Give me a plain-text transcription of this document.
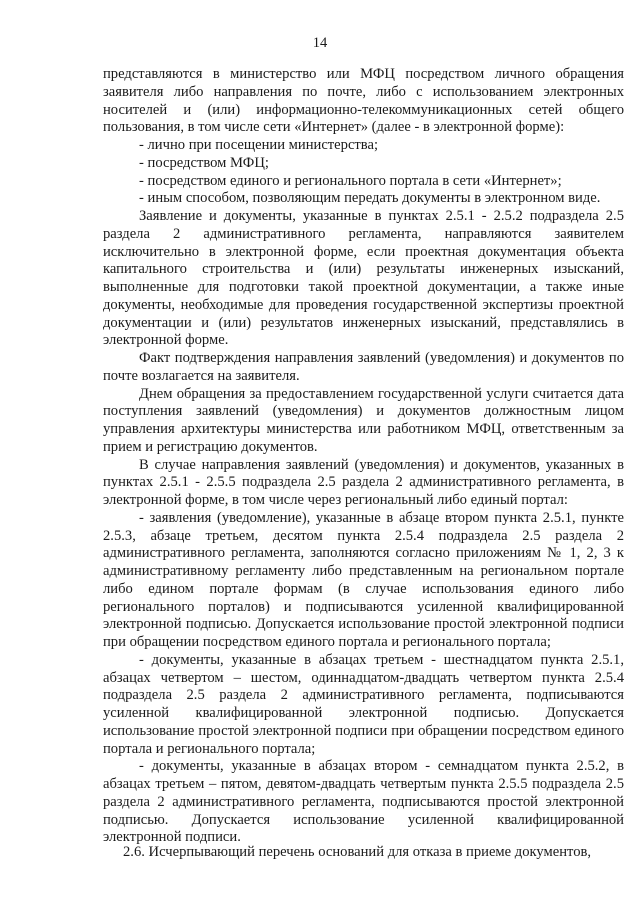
14

представляются в министерство или МФЦ посредством личного обращения заявителя либо направления по почте, либо с использованием электронных носителей и (или) информационно-телекоммуникационных сетей общего пользования, в том числе сети «Интернет» (далее - в электронной форме):

- лично при посещении министерства;

- посредством МФЦ;

- посредством единого и регионального портала в сети «Интернет»;

- иным способом, позволяющим передать документы в электронном виде.

Заявление и документы, указанные в пунктах 2.5.1 - 2.5.2 подраздела 2.5 раздела 2 административного регламента, направляются заявителем исключительно в электронной форме, если проектная документация объекта капитального строительства и (или) результаты инженерных изысканий, выполненные для подготовки такой проектной документации, а также иные документы, необходимые для проведения государственной экспертизы проектной документации и (или) результатов инженерных изысканий, представлялись в электронной форме.

Факт подтверждения направления заявлений (уведомления) и документов по почте возлагается на заявителя.

Днем обращения за предоставлением государственной услуги считается дата поступления заявлений (уведомления) и документов должностным лицом управления архитектуры министерства или работником МФЦ, ответственным за прием и регистрацию документов.

В случае направления заявлений (уведомления) и документов, указанных в пунктах 2.5.1 - 2.5.5 подраздела 2.5 раздела 2 административного регламента, в электронной форме, в том числе через региональный либо единый портал:

- заявления (уведомление), указанные в абзаце втором пункта 2.5.1, пункте 2.5.3, абзаце третьем, десятом пункта 2.5.4 подраздела 2.5 раздела 2 административного регламента, заполняются согласно приложениям № 1, 2, 3 к административному регламенту либо представленным на региональном портале либо едином портале формам (в случае использования единого либо регионального порталов) и подписываются усиленной квалифицированной электронной подписью. Допускается использование простой электронной подписи при обращении посредством единого портала и регионального портала;

- документы, указанные в абзацах третьем - шестнадцатом пункта 2.5.1, абзацах четвертом – шестом, одиннадцатом-двадцать четвертом пункта 2.5.4 подраздела 2.5 раздела 2 административного регламента, подписываются усиленной квалифицированной электронной подписью. Допускается использование простой электронной подписи при обращении посредством единого портала и регионального портала;

- документы, указанные в абзацах втором - семнадцатом пункта 2.5.2, в абзацах третьем – пятом, девятом-двадцать четвертым пункта 2.5.5 подраздела 2.5 раздела 2 административного регламента, подписываются простой электронной подписью. Допускается использование усиленной квалифицированной электронной подписи.

2.6. Исчерпывающий перечень оснований для отказа в приеме документов,
